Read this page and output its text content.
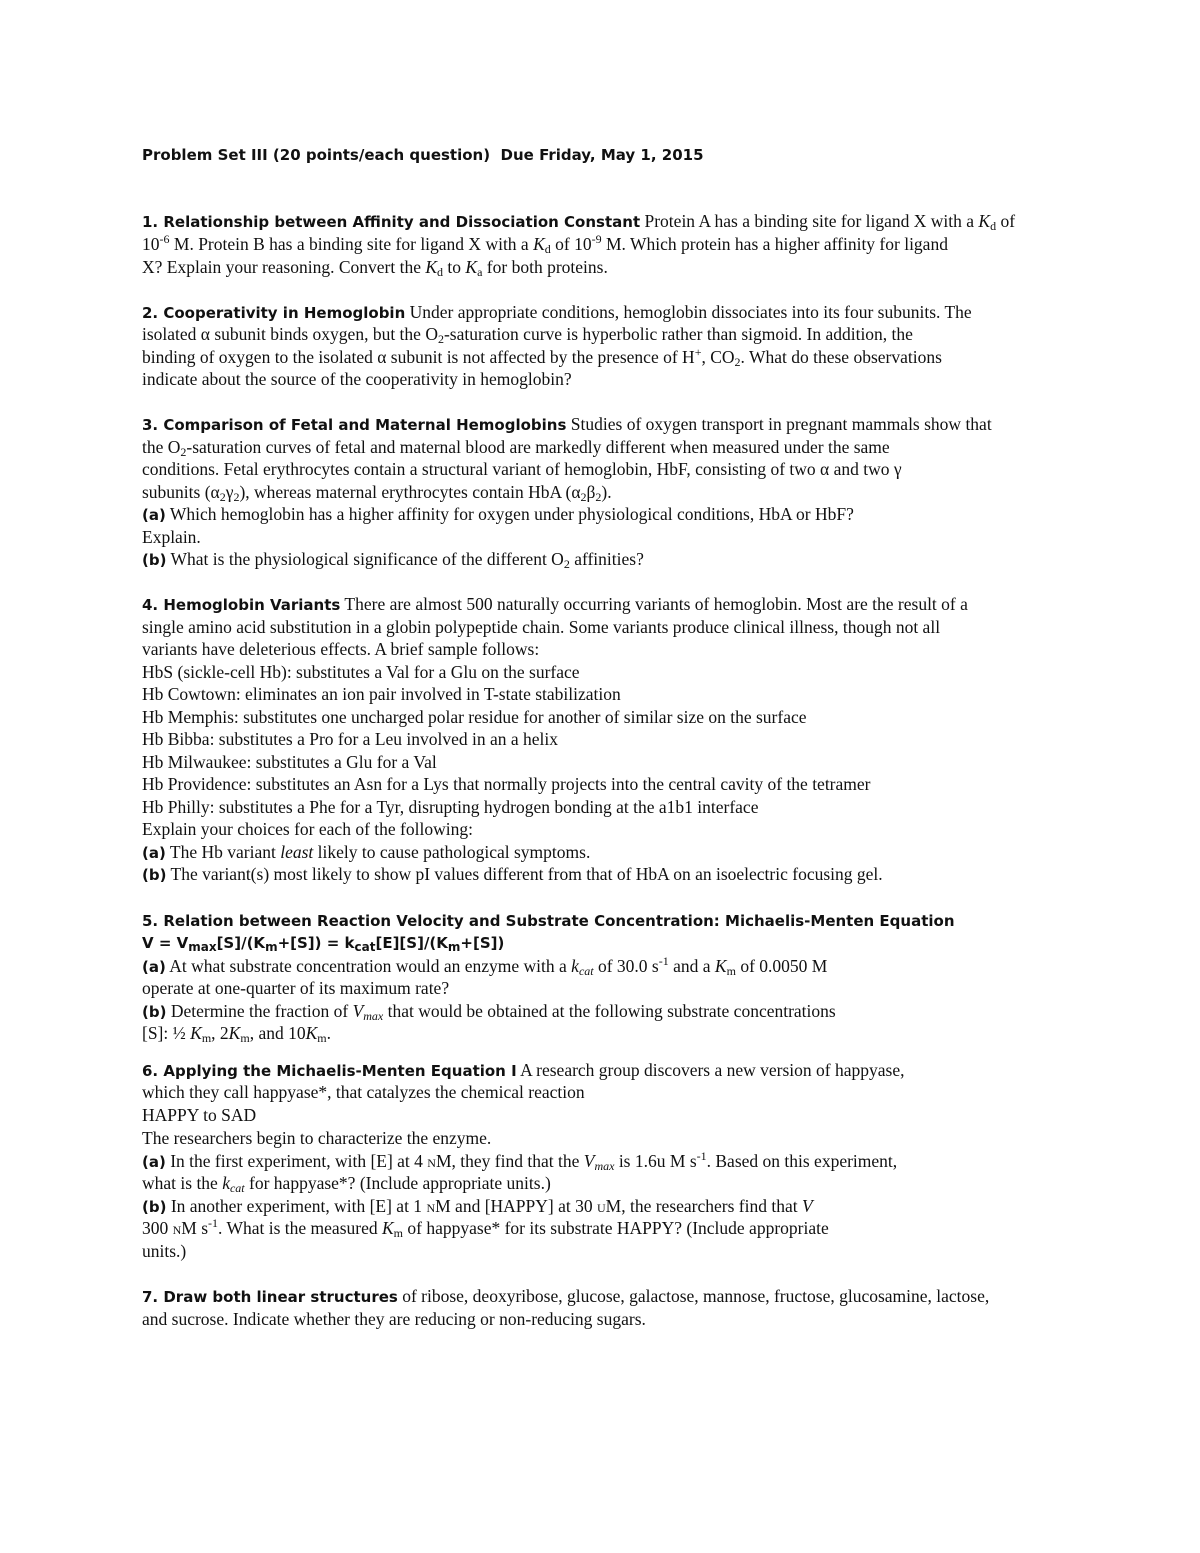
Problem Set III (20 points/each question) Due Friday, May 1, 2015
1. Relationship between Affinity and Dissociation Constant Protein A has a binding site for ligand X with a $K_d$ of
$10^{-6}$ M. Protein B has a binding site for ligand X with a $K_d$ of $10^{-9}$ M. Which protein has a higher affinity for ligand
X? Explain your reasoning. Convert the $K_d$ to $K_a$ for both proteins.
2. Cooperativity in Hemoglobin Under appropriate conditions, hemoglobin dissociates into its four subunits. The
isolated α subunit binds oxygen, but the $O_2$-saturation curve is hyperbolic rather than sigmoid. In addition, the
binding of oxygen to the isolated α subunit is not affected by the presence of H+, $CO_2$. What do these observations
indicate about the source of the cooperativity in hemoglobin?
3. Comparison of Fetal and Maternal Hemoglobins Studies of oxygen transport in pregnant mammals show that
the $O_2$-saturation curves of fetal and maternal blood are markedly different when measured under the same
conditions. Fetal erythrocytes contain a structural variant of hemoglobin, HbF, consisting of two α and two γ
subunits $(\alpha_2\gamma_2)$, whereas maternal erythrocytes contain HbA $(\alpha_2\beta_2)$.
(a) Which hemoglobin has a higher affinity for oxygen under physiological conditions, HbA or HbF?
Explain.
(b) What is the physiological significance of the different $O_2$ affinities?
4. Hemoglobin Variants There are almost 500 naturally occurring variants of hemoglobin. Most are the result of a
single amino acid substitution in a globin polypeptide chain. Some variants produce clinical illness, though not all
variants have deleterious effects. A brief sample follows:
HbS (sickle-cell Hb): substitutes a Val for a Glu on the surface
Hb Cowtown: eliminates an ion pair involved in T-state stabilization
Hb Memphis: substitutes one uncharged polar residue for another of similar size on the surface
Hb Bibba: substitutes a Pro for a Leu involved in an a helix
Hb Milwaukee: substitutes a Glu for a Val
Hb Providence: substitutes an Asn for a Lys that normally projects into the central cavity of the tetramer
Hb Philly: substitutes a Phe for a Tyr, disrupting hydrogen bonding at the a1b1 interface
Explain your choices for each of the following:
(a) The Hb variant least likely to cause pathological symptoms.
(b) The variant(s) most likely to show pI values different from that of HbA on an isoelectric focusing gel.
5. Relation between Reaction Velocity and Substrate Concentration: Michaelis-Menten Equation
$V = V_{max}[S]/(K_m+[S]) = k_{cat}[E][S]/(K_m+[S])$
(a) At what substrate concentration would an enzyme with a $k_{cat}$ of 30.0 $s^{-1}$ and a $K_m$ of 0.0050 M
operate at one-quarter of its maximum rate?
(b) Determine the fraction of $V_{max}$ that would be obtained at the following substrate concentrations
[S]: ½ $K_m$, $2K_m$, and $10K_m$.
6. Applying the Michaelis-Menten Equation I A research group discovers a new version of happyase,
which they call happyase*, that catalyzes the chemical reaction
HAPPY to SAD
The researchers begin to characterize the enzyme.
(a) In the first experiment, with [E] at 4 nM, they find that the $V_{max}$ is 1.6u M $s^{-1}$. Based on this experiment,
what is the $k_{cat}$ for happyase*? (Include appropriate units.)
(b) In another experiment, with [E] at 1 nM and [HAPPY] at 30 uM, the researchers find that V
300 nM $s^{-1}$. What is the measured $K_m$ of happyase* for its substrate HAPPY? (Include appropriate
units.)
7. Draw both linear structures of ribose, deoxyribose, glucose, galactose, mannose, fructose, glucosamine, lactose,
and sucrose. Indicate whether they are reducing or non-reducing sugars.
